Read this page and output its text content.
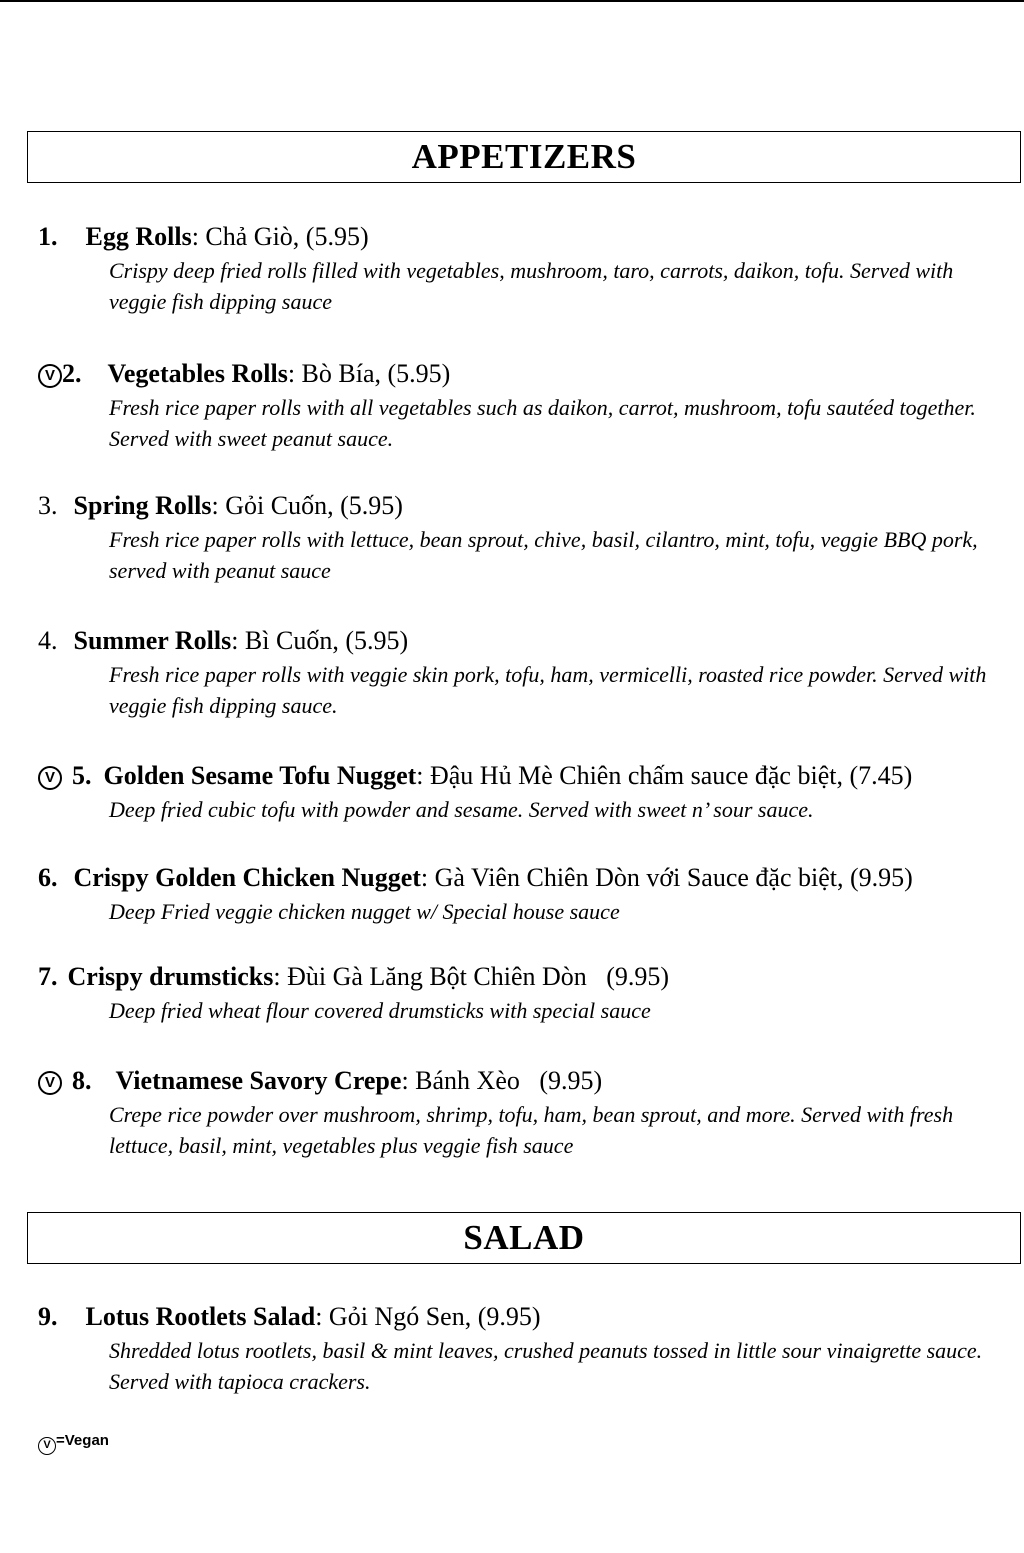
APPETIZERS
1. Egg Rolls: Chả Giò, (5.95)
Crispy deep fried rolls filled with vegetables, mushroom, taro, carrots, daikon, tofu. Served with veggie fish dipping sauce
V 2. Vegetables Rolls: Bò Bía, (5.95)
Fresh rice paper rolls with all vegetables such as daikon, carrot, mushroom, tofu sautéed together. Served with sweet peanut sauce.
3. Spring Rolls: Gỏi Cuốn, (5.95)
Fresh rice paper rolls with lettuce, bean sprout, chive, basil, cilantro, mint, tofu, veggie BBQ pork, served with peanut sauce
4. Summer Rolls: Bì Cuốn, (5.95)
Fresh rice paper rolls with veggie skin pork, tofu, ham, vermicelli, roasted rice powder. Served with veggie fish dipping sauce.
V 5. Golden Sesame Tofu Nugget: Đậu Hủ Mè Chiên chấm sauce đặc biệt, (7.45)
Deep fried cubic tofu with powder and sesame. Served with sweet n’ sour sauce.
6. Crispy Golden Chicken Nugget: Gà Viên Chiên Dòn với Sauce đặc biệt, (9.95)
Deep Fried veggie chicken nugget w/ Special house sauce
7. Crispy drumsticks: Đùi Gà Lăng Bột Chiên Dòn   (9.95)
Deep fried wheat flour covered drumsticks with special sauce
V 8. Vietnamese Savory Crepe: Bánh Xèo   (9.95)
Crepe rice powder over mushroom, shrimp, tofu, ham, bean sprout, and more. Served with fresh lettuce, basil, mint, vegetables plus veggie fish sauce
SALAD
9. Lotus Rootlets Salad: Gỏi Ngó Sen, (9.95)
Shredded lotus rootlets, basil & mint leaves, crushed peanuts tossed in little sour vinaigrette sauce. Served with tapioca crackers.
V =Vegan
